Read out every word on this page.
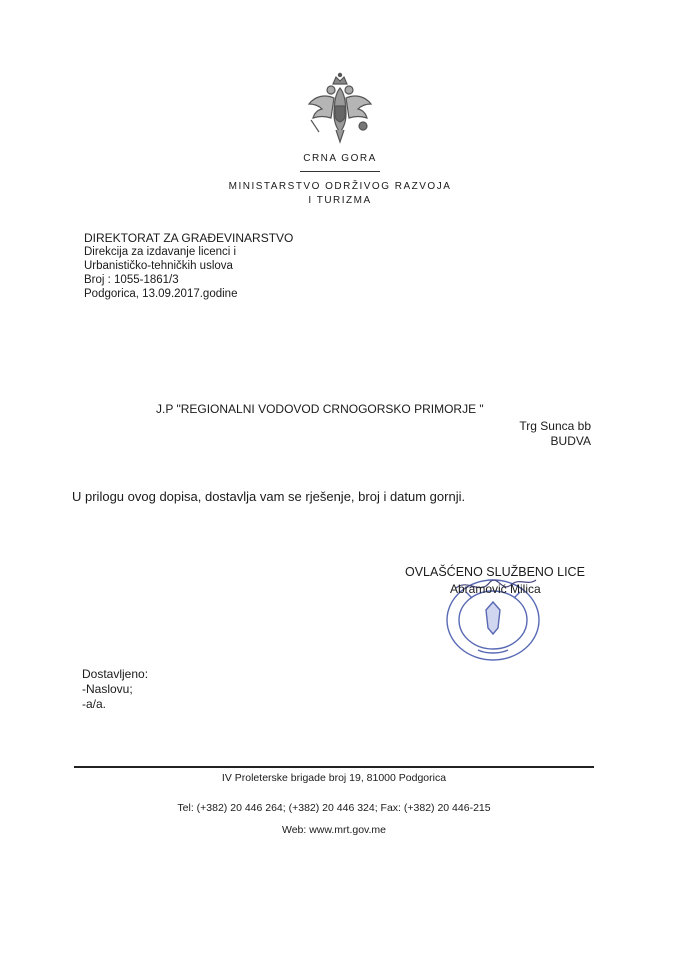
CRNA GORA
MINISTARSTVO ODRŽIVOG RAZVOJA
I TURIZMA
DIREKTORAT ZA GRAĐEVINARSTVO
Direkcija za izdavanje licenci i
Urbanističko-tehničkih uslova
Broj : 1055-1861/3
Podgorica, 13.09.2017.godine
J.P "REGIONALNI VODOVOD CRNOGORSKO PRIMORJE "
Trg Sunca bb
BUDVA
U prilogu ovog dopisa, dostavlja vam se rješenje, broj i datum gornji.
OVLAŠĆENO SLUŽBENO LICE
Abramović Milica
Dostavljeno:
-Naslovu;
-a/a.
IV Proleterske brigade broj 19, 81000 Podgorica
Tel: (+382) 20 446 264; (+382) 20 446 324; Fax: (+382) 20 446-215
Web: www.mrt.gov.me
